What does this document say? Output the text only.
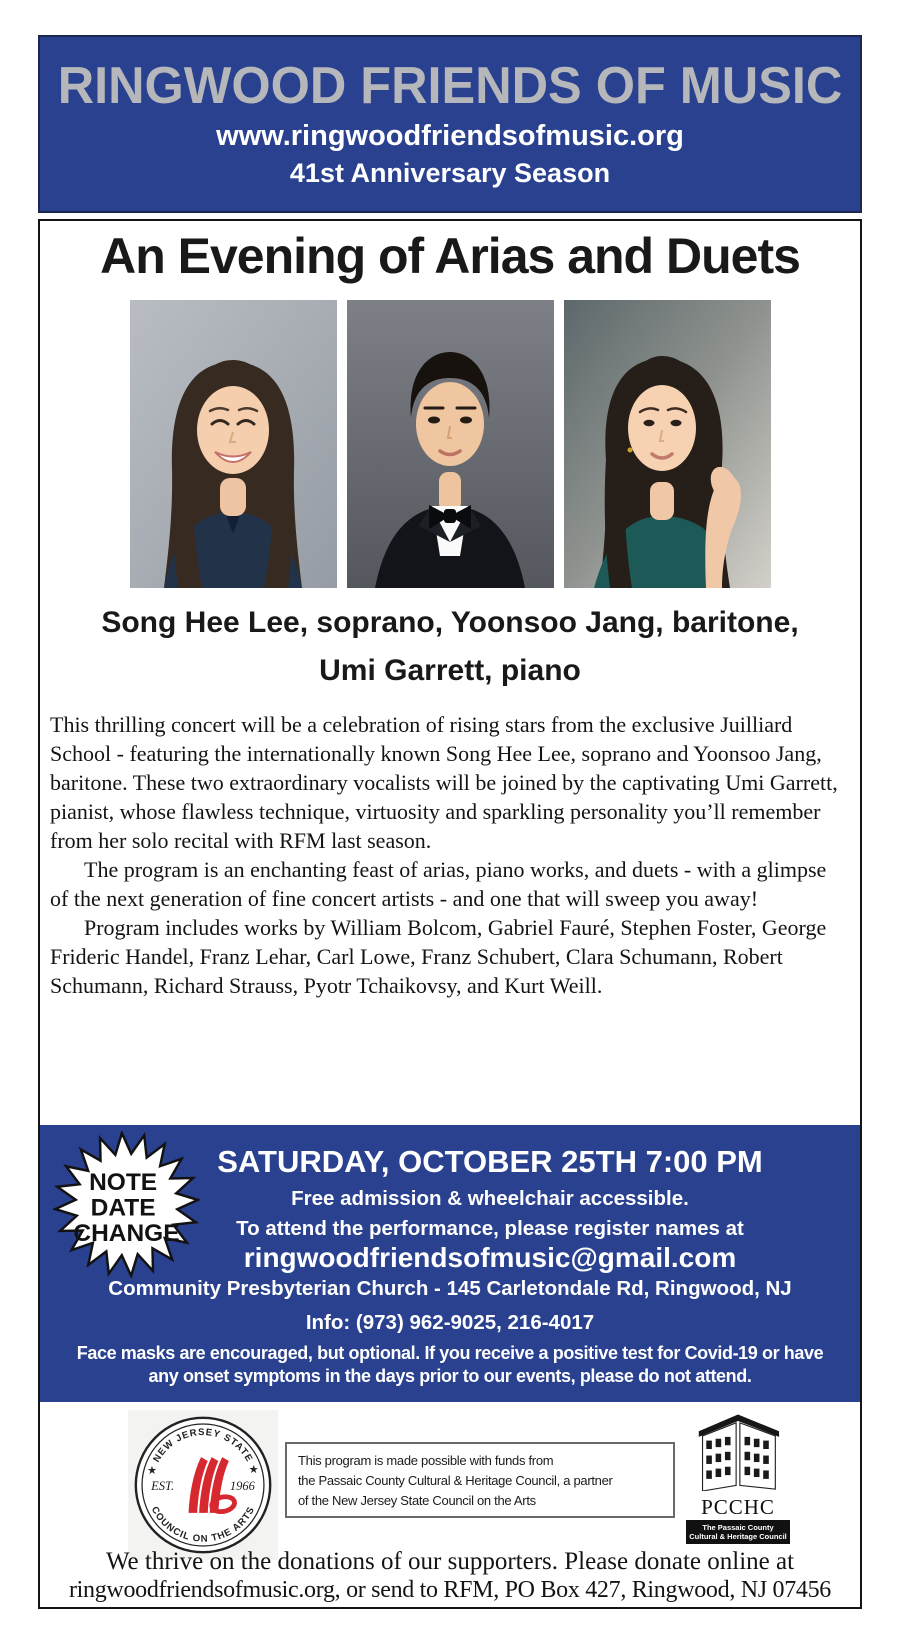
RINGWOOD FRIENDS OF MUSIC
www.ringwoodfriendsofmusic.org
41st Anniversary Season
An Evening of Arias and Duets
Song Hee Lee, soprano, Yoonsoo Jang, baritone,
Umi Garrett, piano

This thrilling concert will be a celebration of rising stars from the exclusive Juilliard School - featuring the internationally known Song Hee Lee, soprano and Yoonsoo Jang, baritone. These two extraordinary vocalists will be joined by the captivating Umi Garrett, pianist, whose flawless technique, virtuosity and sparkling personality you’ll remember from her solo recital with RFM last season.

The program is an enchanting feast of arias, piano works, and duets - with a glimpse of the next generation of fine concert artists - and one that will sweep you away!

Program includes works by William Bolcom, Gabriel Fauré, Stephen Foster, George Frideric Handel, Franz Lehar, Carl Lowe, Franz Schubert, Clara Schumann, Robert Schumann, Richard Strauss, Pyotr Tchaikovsy, and Kurt Weill.

NOTE DATE CHANGE
SATURDAY, OCTOBER 25TH 7:00 PM
Free admission & wheelchair accessible.
To attend the performance, please register names at
ringwoodfriendsofmusic@gmail.com
Community Presbyterian Church - 145 Carletondale Rd, Ringwood, NJ
Info: (973) 962-9025, 216-4017
Face masks are encouraged, but optional. If you receive a positive test for Covid-19 or have
any onset symptoms in the days prior to our events, please do not attend.
★ NEW JERSEY STATE ★
COUNCIL ON THE ARTS
EST.	1966
This program is made possible with funds from
the Passaic County Cultural & Heritage Council, a partner
of the New Jersey State Council on the Arts	PCCHC
The Passaic County
Cultural & Heritage Council
We thrive on the donations of our supporters. Please donate online at
ringwoodfriendsofmusic.org, or send to RFM, PO Box 427, Ringwood, NJ 07456
